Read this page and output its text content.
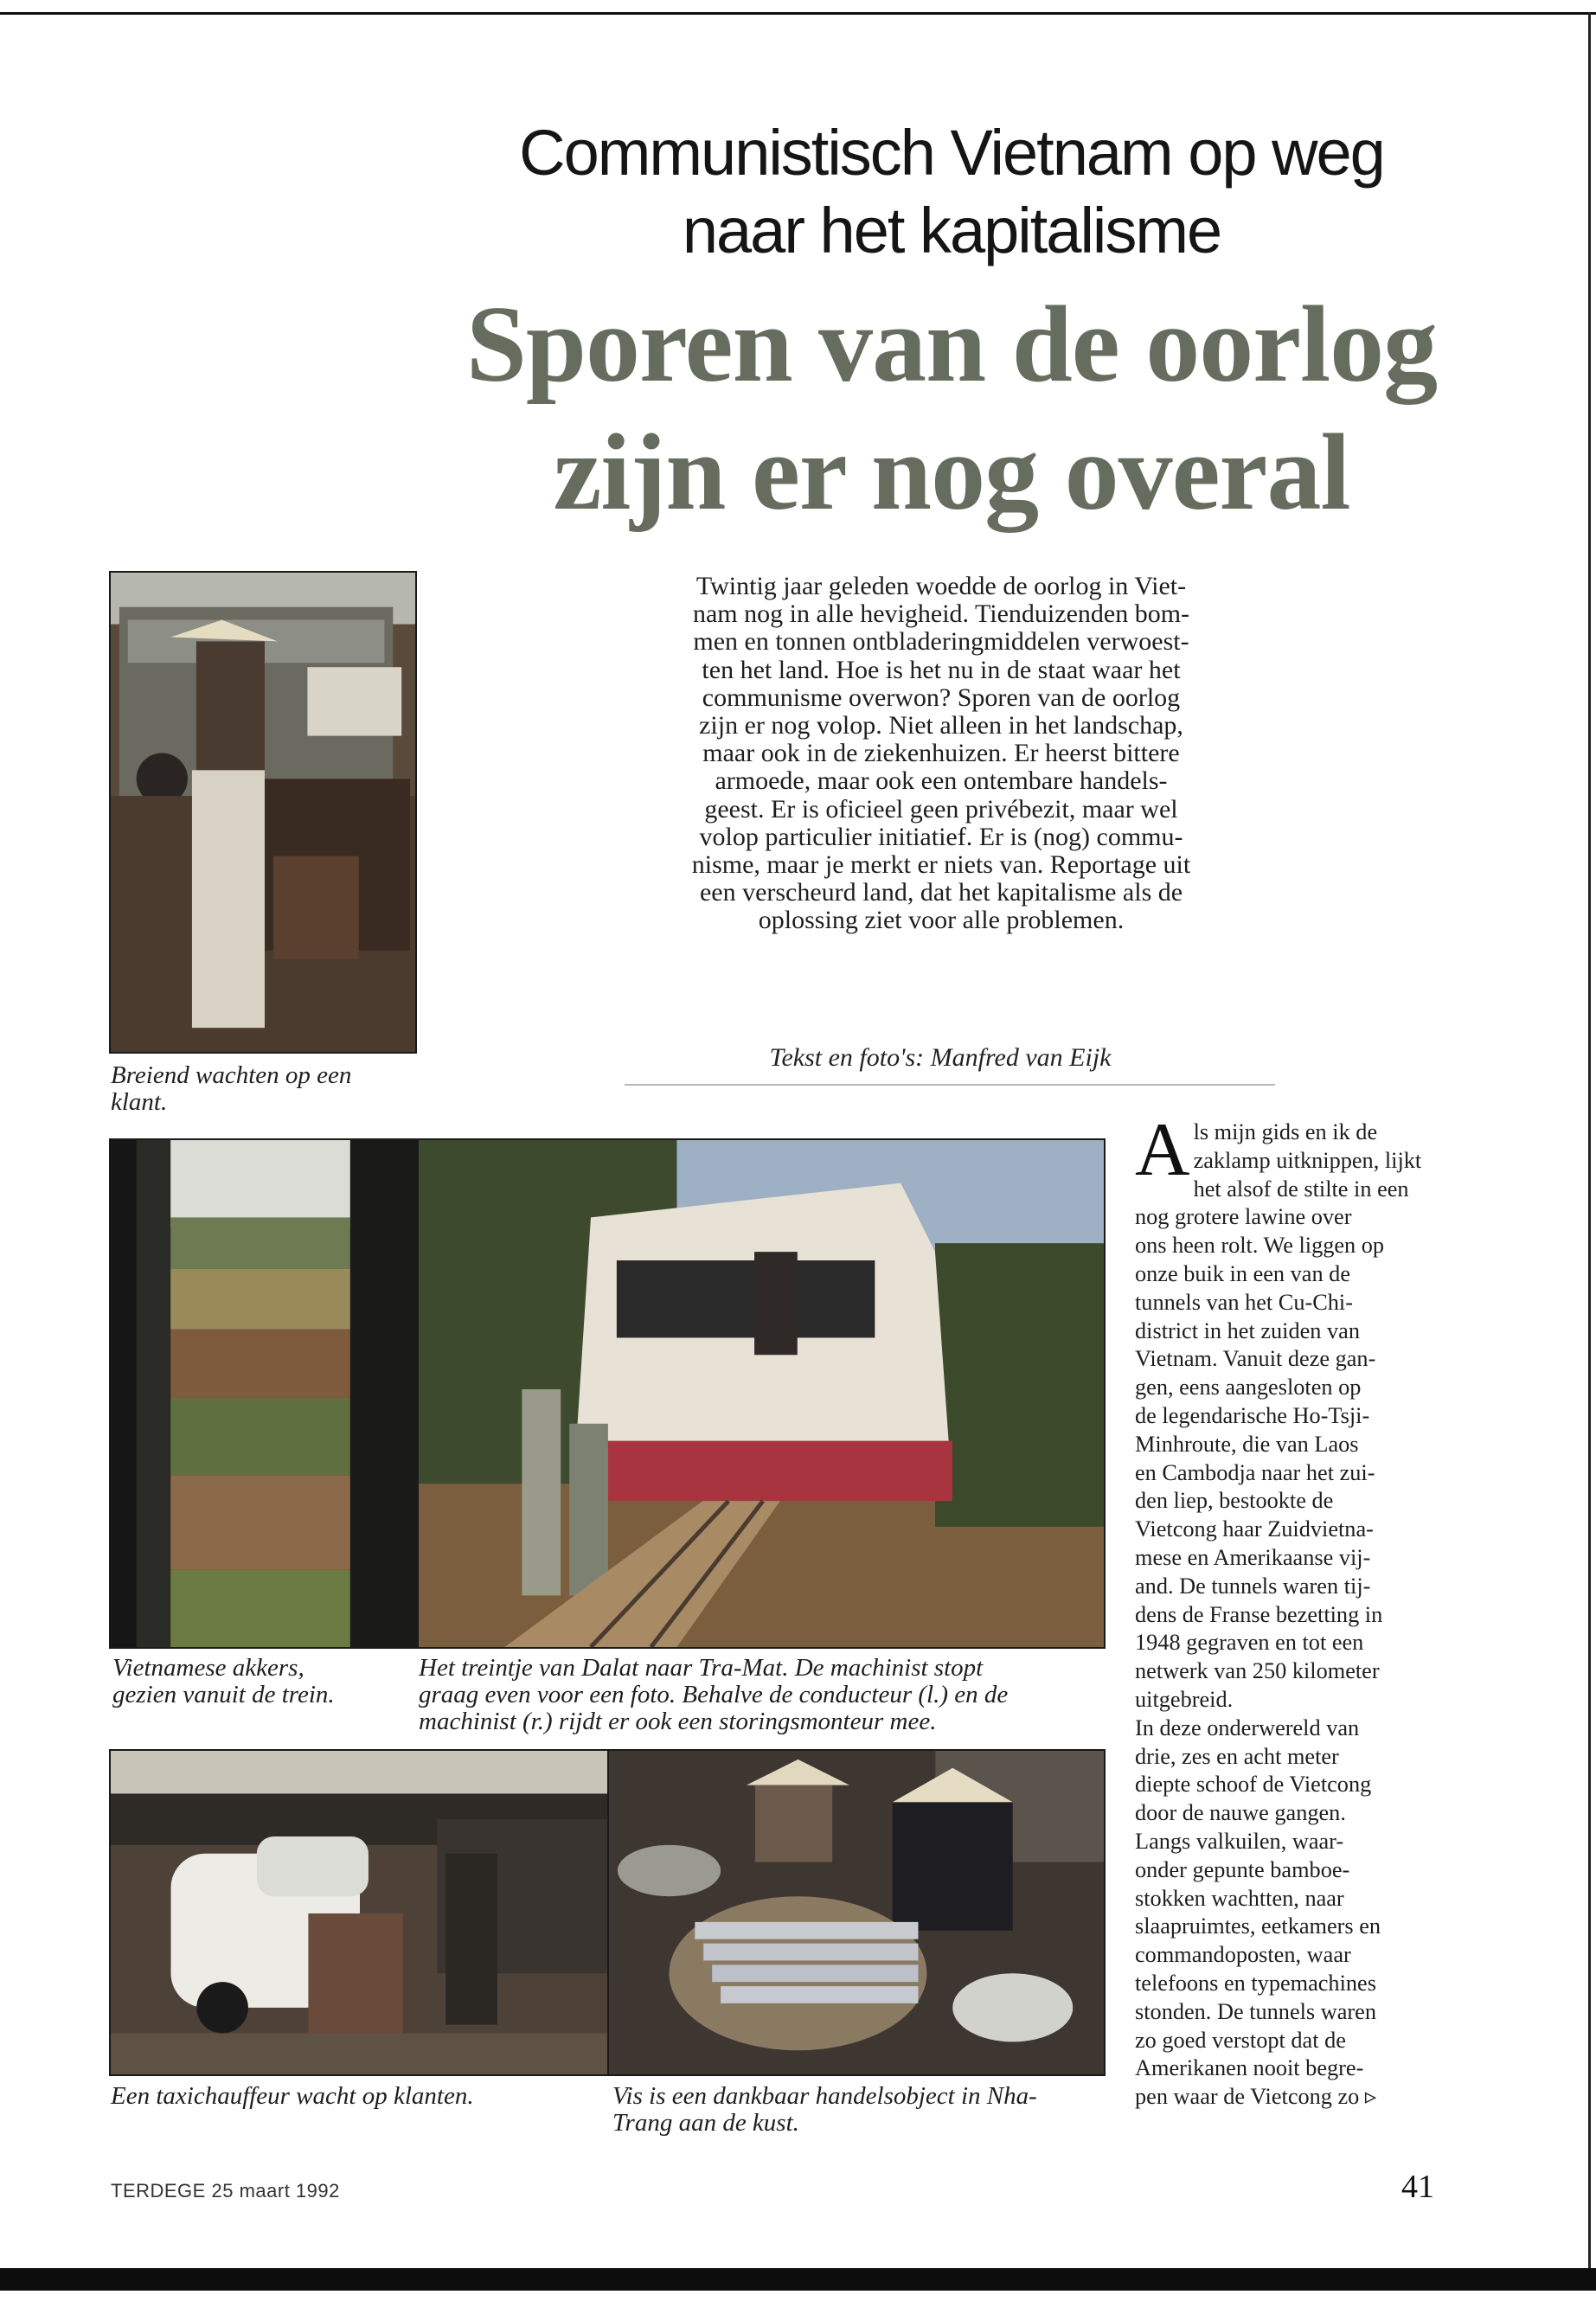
Communistisch Vietnam op weg
naar het kapitalisme
Sporen van de oorlog
zijn er nog overal
Breiend wachten op een
klant.
Twintig jaar geleden woedde de oorlog in Viet-
nam nog in alle hevigheid. Tienduizenden bom-
men en tonnen ontbladeringmiddelen verwoest-
ten het land. Hoe is het nu in de staat waar het
communisme overwon? Sporen van de oorlog
zijn er nog volop. Niet alleen in het landschap,
maar ook in de ziekenhuizen. Er heerst bittere
armoede, maar ook een ontembare handels-
geest. Er is oficieel geen privébezit, maar wel
volop particulier initiatief. Er is (nog) commu-
nisme, maar je merkt er niets van. Reportage uit
een verscheurd land, dat het kapitalisme als de
oplossing ziet voor alle problemen.
Tekst en foto's: Manfred van Eijk
Vietnamese akkers,
gezien vanuit de trein.
Het treintje van Dalat naar Tra-Mat. De machinist stopt
graag even voor een foto. Behalve de conducteur (l.) en de
machinist (r.) rijdt er ook een storingsmonteur mee.
Een taxichauffeur wacht op klanten.	Vis is een dankbaar handelsobject in Nha-
Trang aan de kust.
A ls mijn gids en ik de
zaklamp uitknippen, lijkt
het alsof de stilte in een
nog grotere lawine over
ons heen rolt. We liggen op
onze buik in een van de
tunnels van het Cu-Chi-
district in het zuiden van
Vietnam. Vanuit deze gan-
gen, eens aangesloten op
de legendarische Ho-Tsji-
Minhroute, die van Laos
en Cambodja naar het zui-
den liep, bestookte de
Vietcong haar Zuidvietna-
mese en Amerikaanse vij-
and. De tunnels waren tij-
dens de Franse bezetting in
1948 gegraven en tot een
netwerk van 250 kilometer
uitgebreid.

In deze onderwereld van
drie, zes en acht meter
diepte schoof de Vietcong
door de nauwe gangen.
Langs valkuilen, waar-
onder gepunte bamboe-
stokken wachtten, naar
slaapruimtes, eetkamers en
commandoposten, waar
telefoons en typemachines
stonden. De tunnels waren
zo goed verstopt dat de
Amerikanen nooit begre-
pen waar de Vietcong zo ▹

TERDEGE 25 maart 1992	41
